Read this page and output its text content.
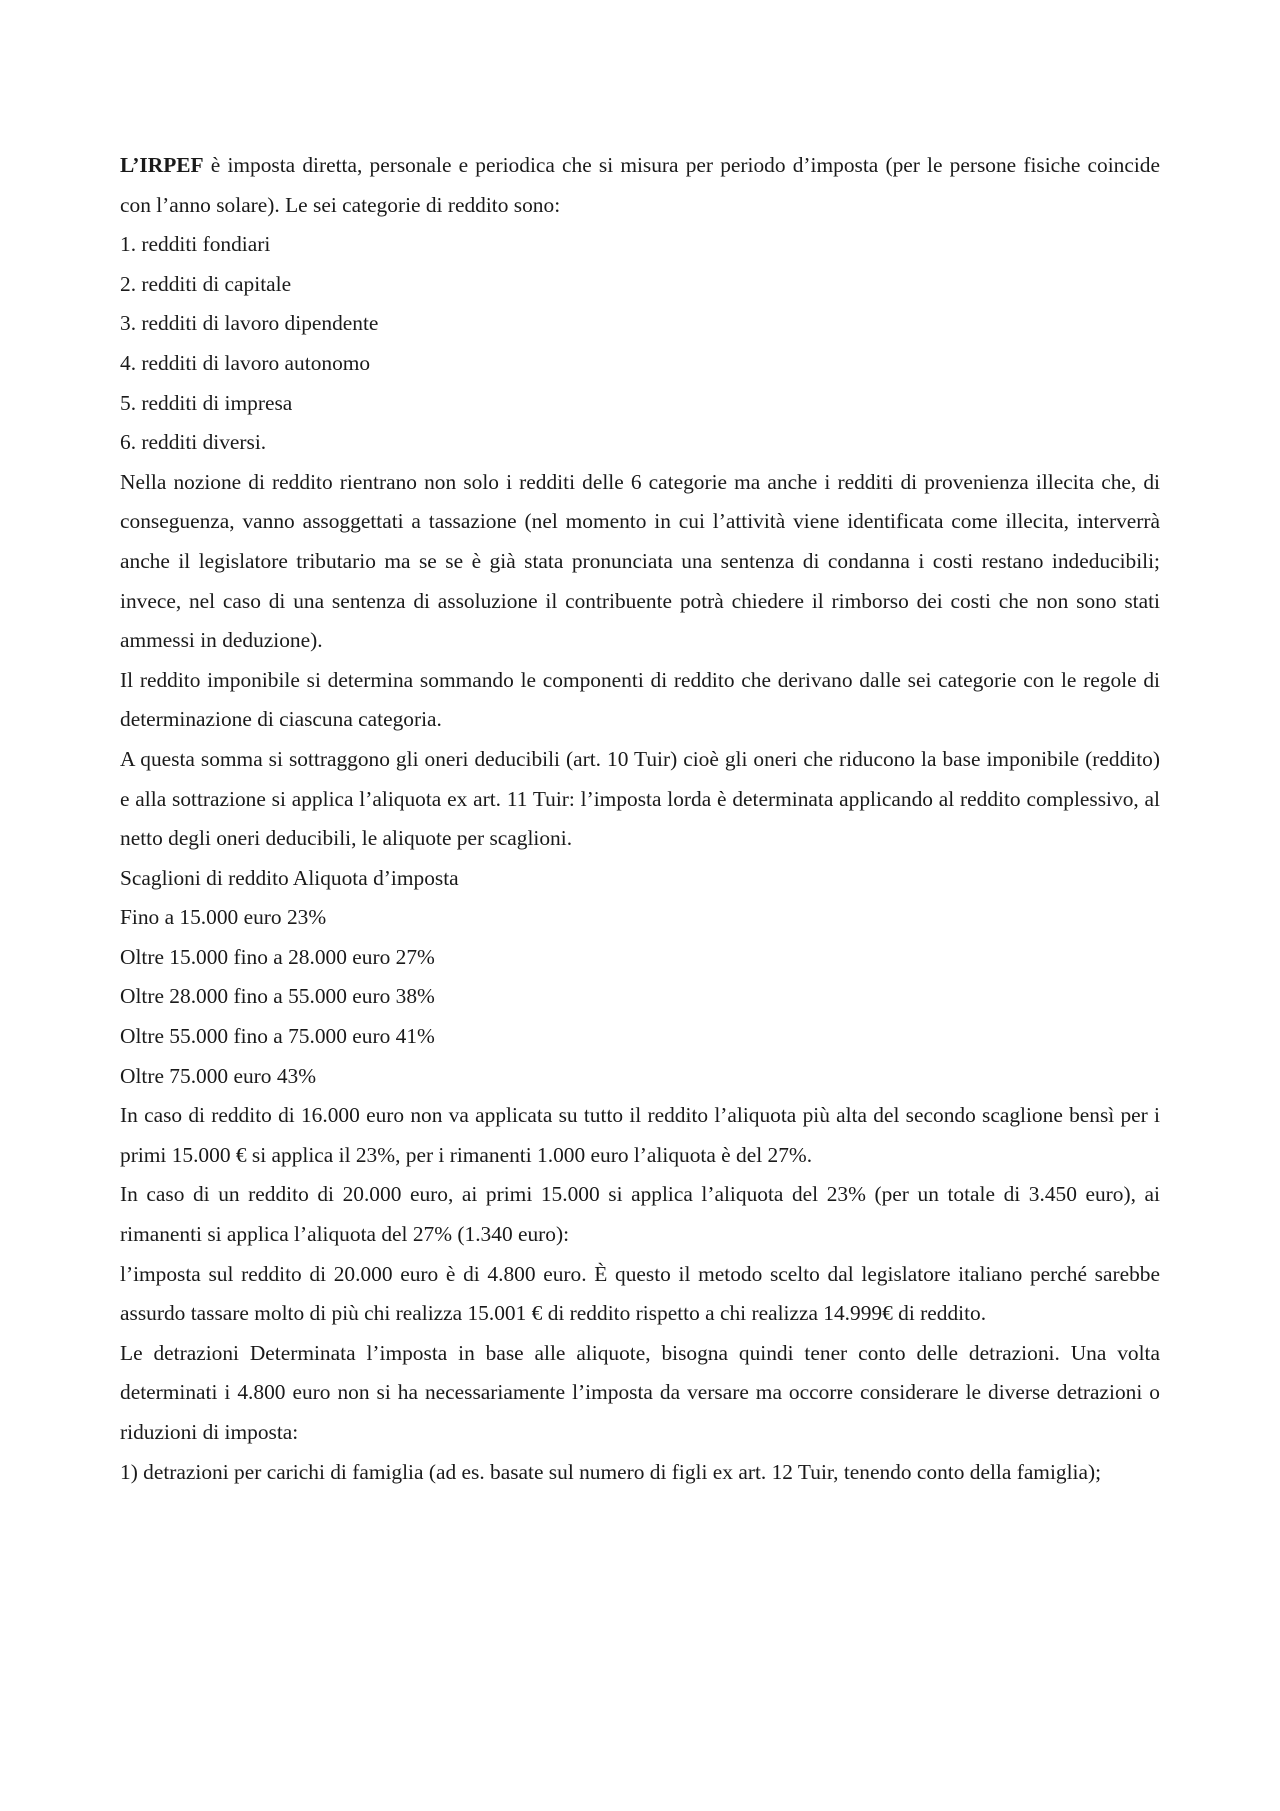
L’IRPEF è imposta diretta, personale e periodica che si misura per periodo d’imposta (per le persone fisiche coincide con l’anno solare). Le sei categorie di reddito sono:

1. redditi fondiari

2. redditi di capitale

3. redditi di lavoro dipendente

4. redditi di lavoro autonomo

5. redditi di impresa

6. redditi diversi.

Nella nozione di reddito rientrano non solo i redditi delle 6 categorie ma anche i redditi di provenienza illecita che, di conseguenza, vanno assoggettati a tassazione (nel momento in cui l’attività viene identificata come illecita, interverrà anche il legislatore tributario ma se se è già stata pronunciata una sentenza di condanna i costi restano indeducibili; invece, nel caso di una sentenza di assoluzione il contribuente potrà chiedere il rimborso dei costi che non sono stati ammessi in deduzione).

Il reddito imponibile si determina sommando le componenti di reddito che derivano dalle sei categorie con le regole di determinazione di ciascuna categoria.

A questa somma si sottraggono gli oneri deducibili (art. 10 Tuir) cioè gli oneri che riducono la base imponibile (reddito) e alla sottrazione si applica l’aliquota ex art. 11 Tuir: l’imposta lorda è determinata applicando al reddito complessivo, al netto degli oneri deducibili, le aliquote per scaglioni.

Scaglioni di reddito Aliquota d’imposta

Fino a 15.000 euro 23%

Oltre 15.000 fino a 28.000 euro 27%

Oltre 28.000 fino a 55.000 euro 38%

Oltre 55.000 fino a 75.000 euro 41%

Oltre 75.000 euro 43%

In caso di reddito di 16.000 euro non va applicata su tutto il reddito l’aliquota più alta del secondo scaglione bensì per i primi 15.000 € si applica il 23%, per i rimanenti 1.000 euro l’aliquota è del 27%.

In caso di un reddito di 20.000 euro, ai primi 15.000 si applica l’aliquota del 23% (per un totale di 3.450 euro), ai rimanenti si applica l’aliquota del 27% (1.340 euro):

l’imposta sul reddito di 20.000 euro è di 4.800 euro. È questo il metodo scelto dal legislatore italiano perché sarebbe assurdo tassare molto di più chi realizza 15.001 € di reddito rispetto a chi realizza 14.999€ di reddito.

Le detrazioni Determinata l’imposta in base alle aliquote, bisogna quindi tener conto delle detrazioni. Una volta determinati i 4.800 euro non si ha necessariamente l’imposta da versare ma occorre considerare le diverse detrazioni o riduzioni di imposta:

1) detrazioni per carichi di famiglia (ad es. basate sul numero di figli ex art. 12 Tuir, tenendo conto della famiglia);
